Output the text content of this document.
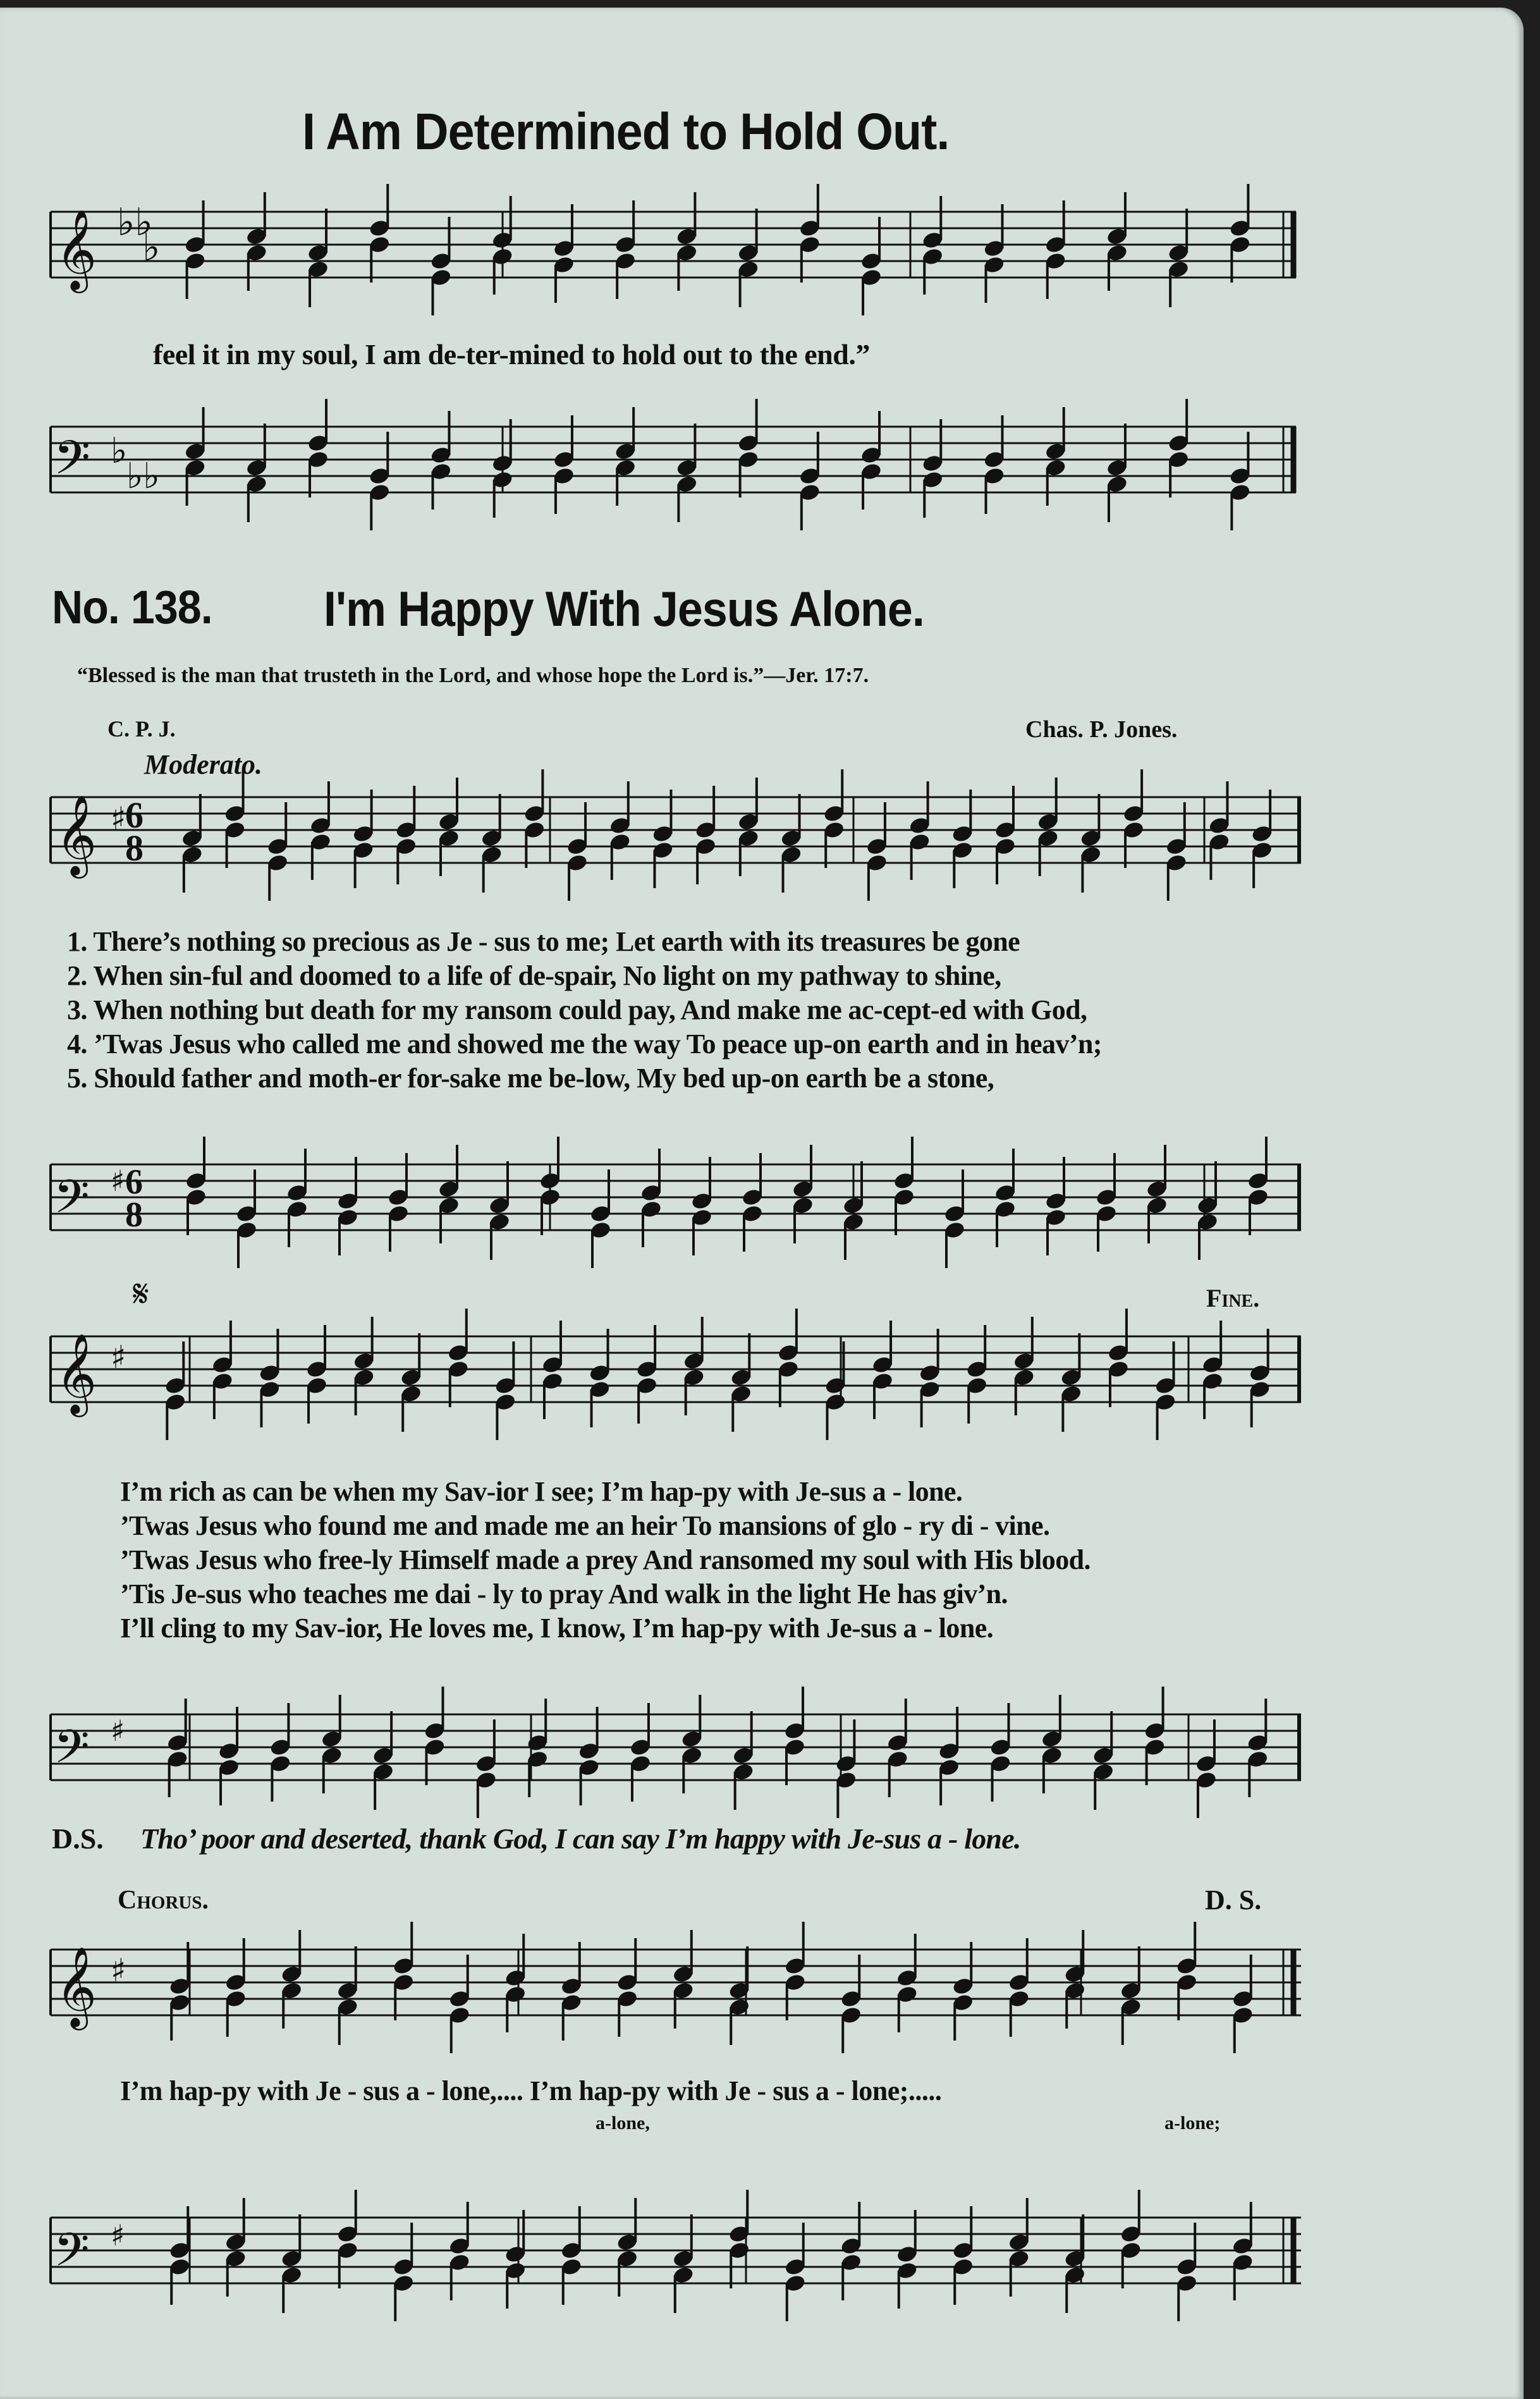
I Am Determined to Hold Out.
𝄞 ♭♭
♭
feel it in my soul, I am de-ter-mined to hold out to the end.”
𝄢 ♭
♭♭
No. 138. I'm Happy With Jesus Alone.
“Blessed is the man that trusteth in the Lord, and whose hope the Lord is.”—Jer. 17:7.
C. P. J.	Chas. P. Jones.
Moderato.
𝄞 ♯
6
8
1. There’s nothing so precious as Je - sus to me; Let earth with its treasures be gone
2. When sin-ful and doomed to a life of de-spair, No light on my pathway to shine,
3. When nothing but death for my ransom could pay, And make me ac-cept-ed with God,
4. ’Twas Jesus who called me and showed me the way To peace up-on earth and in heav’n;
5. Should father and moth-er for-sake me be-low, My bed up-on earth be a stone,
𝄢 ♯ 6
8
𝄋	Fine.
𝄞 ♯
I’m rich as can be when my Sav-ior I see; I’m hap-py with Je-sus a - lone.
’Twas Jesus who found me and made me an heir To mansions of glo - ry di - vine.
’Twas Jesus who free-ly Himself made a prey And ransomed my soul with His blood.
’Tis Je-sus who teaches me dai - ly to pray And walk in the light He has giv’n.
I’ll cling to my Sav-ior, He loves me, I know, I’m hap-py with Je-sus a - lone.
𝄢 ♯
D.S. Tho’ poor and deserted, thank God, I can say I’m happy with Je-sus a - lone.
Chorus.	D. S.
𝄞 ♯
I’m hap-py with Je - sus a - lone,.... I’m hap-py with Je - sus a - lone;.....
a-lone,	a-lone;
𝄢 ♯
